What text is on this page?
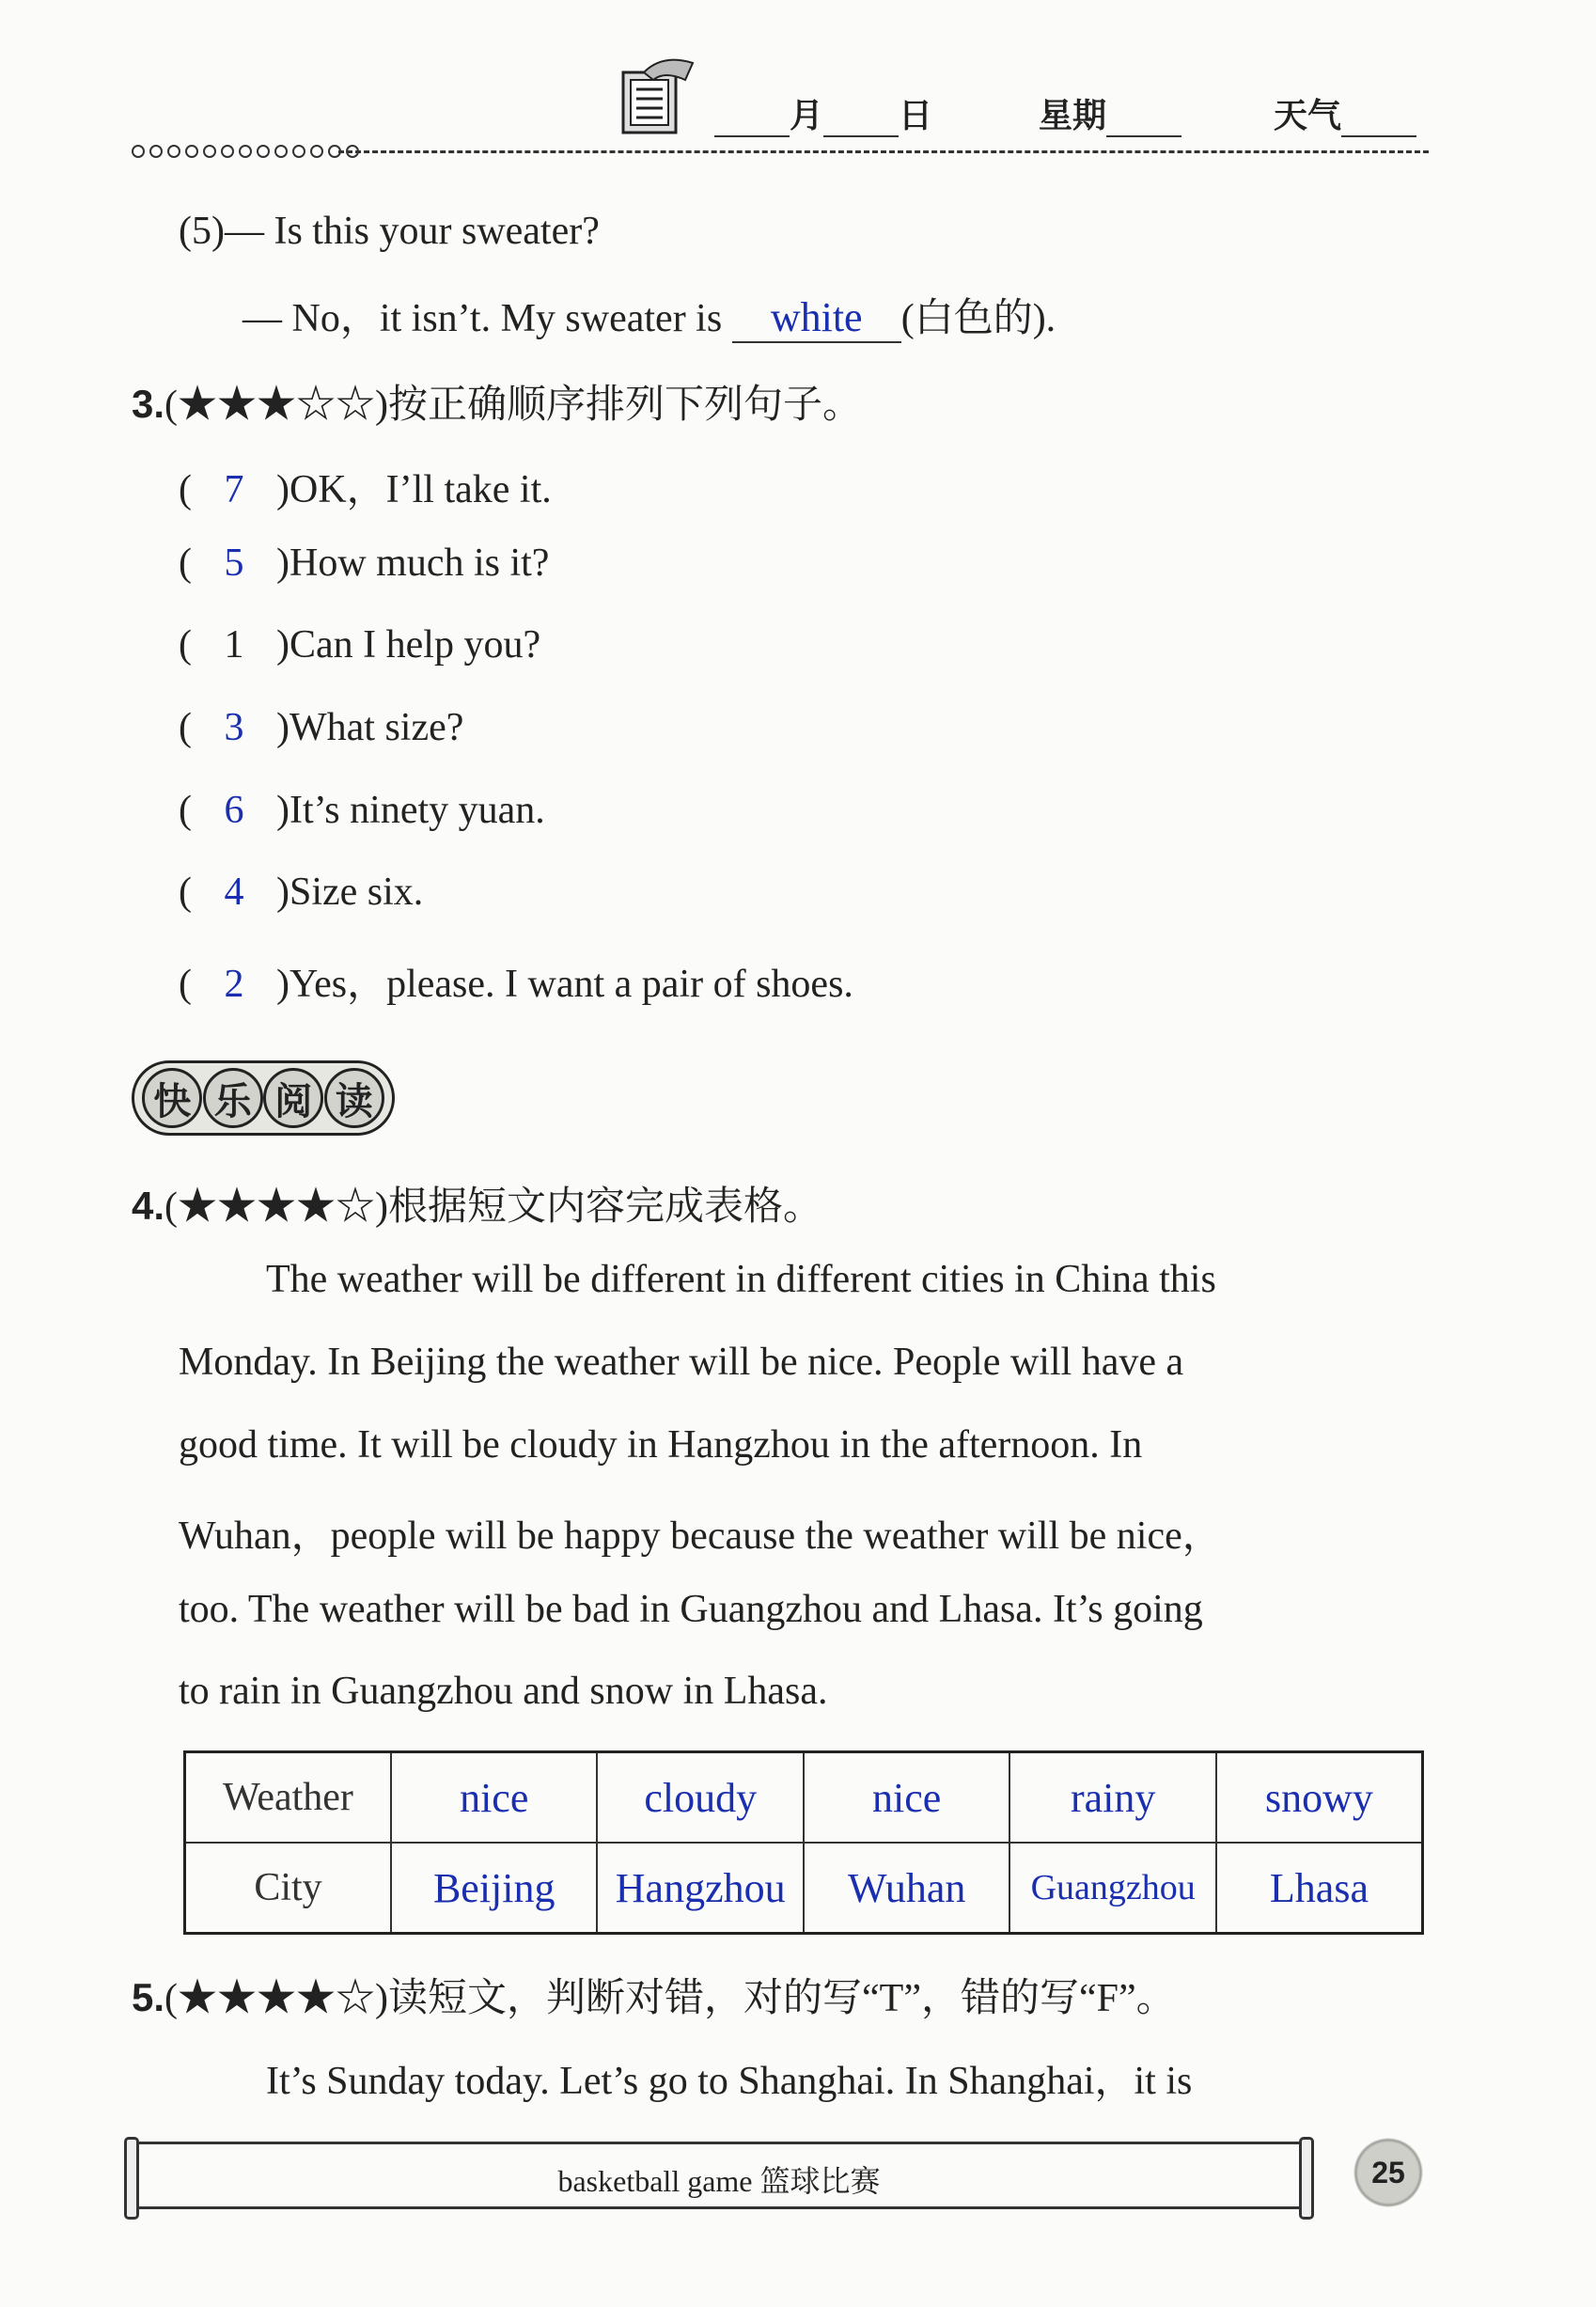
月 日	星期	天气
(5)— Is this your sweater?
— No，it isn’t. My sweater is white (白色的).
3.(★★★☆☆)按正确顺序排列下列句子。
( 7 )OK，I’ll take it.
( 5 )How much is it?
( 1 )Can I help you?
( 3 )What size?
( 6 )It’s ninety yuan.
( 4 )Size six.
( 2 )Yes，please. I want a pair of shoes.
快 乐 阅 读
4.(★★★★☆)根据短文内容完成表格。
The weather will be different in different cities in China this
Monday. In Beijing the weather will be nice. People will have a
good time. It will be cloudy in Hangzhou in the afternoon. In
Wuhan，people will be happy because the weather will be nice，
too. The weather will be bad in Guangzhou and Lhasa. It’s going
to rain in Guangzhou and snow in Lhasa.
Weather	nice	cloudy	nice	rainy	snowy
City	Beijing	Hangzhou	Wuhan	Guangzhou	Lhasa
5.(★★★★☆)读短文，判断对错，对的写“T”，错的写“F”。
It’s Sunday today. Let’s go to Shanghai. In Shanghai，it is
basketball game 篮球比赛	25
